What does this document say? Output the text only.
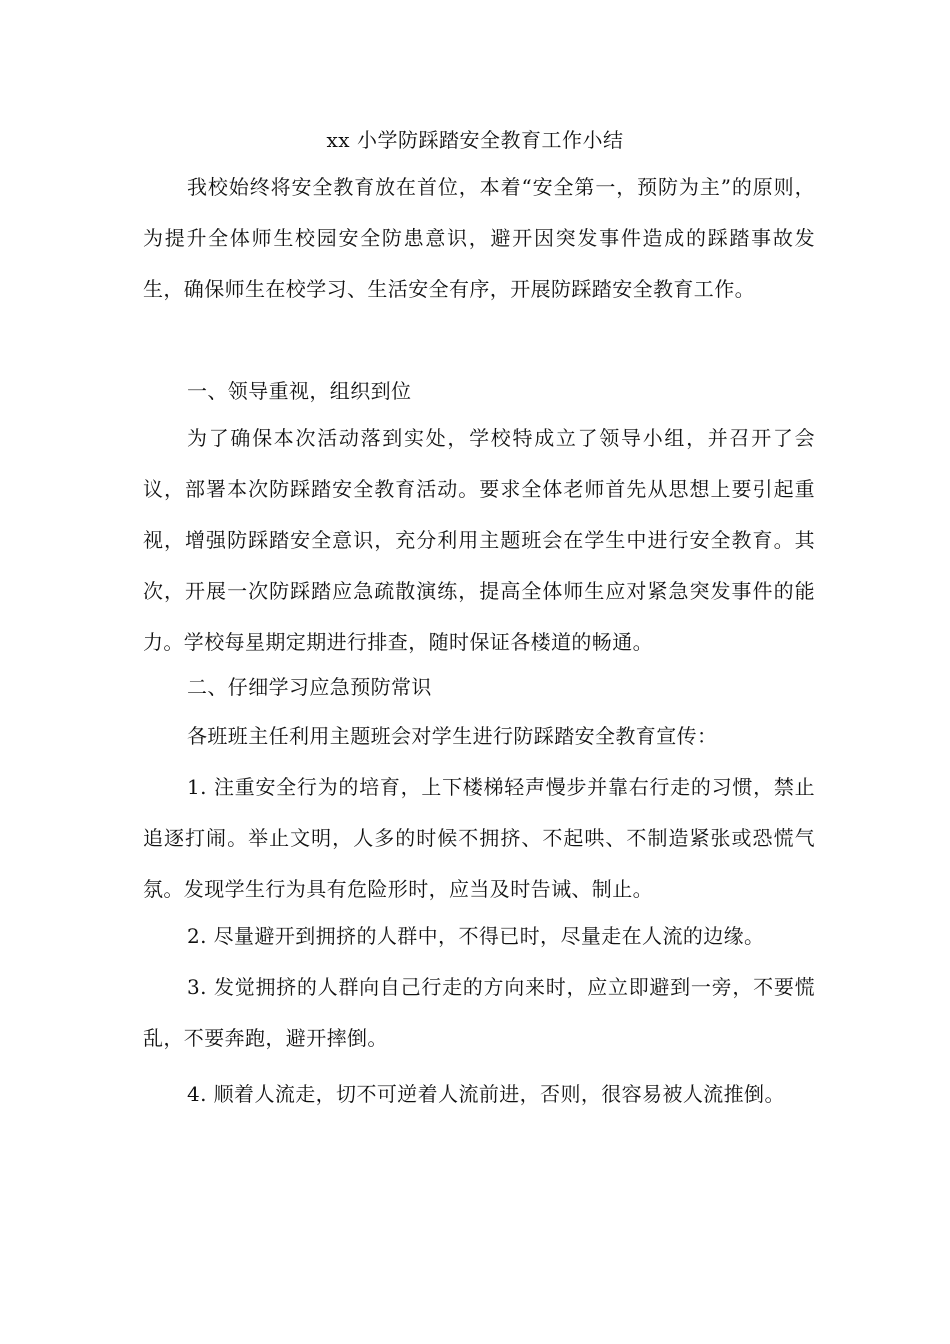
xx 小学防踩踏安全教育工作小结
我校始终将安全教育放在首位，本着“安全第一，预防为主”的原则，为提升全体师生校园安全防患意识，避开因突发事件造成的踩踏事故发生，确保师生在校学习、生活安全有序，开展防踩踏安全教育工作。
一、领导重视，组织到位
为了确保本次活动落到实处，学校特成立了领导小组，并召开了会议，部署本次防踩踏安全教育活动。要求全体老师首先从思想上要引起重视，增强防踩踏安全意识，充分利用主题班会在学生中进行安全教育。其次，开展一次防踩踏应急疏散演练，提高全体师生应对紧急突发事件的能力。学校每星期定期进行排查，随时保证各楼道的畅通。
二、仔细学习应急预防常识
各班班主任利用主题班会对学生进行防踩踏安全教育宣传：
1. 注重安全行为的培育，上下楼梯轻声慢步并靠右行走的习惯，禁止追逐打闹。举止文明，人多的时候不拥挤、不起哄、不制造紧张或恐慌气氛。发现学生行为具有危险形时，应当及时告诫、制止。
2. 尽量避开到拥挤的人群中，不得已时，尽量走在人流的边缘。
3. 发觉拥挤的人群向自己行走的方向来时，应立即避到一旁，不要慌乱，不要奔跑，避开摔倒。
4. 顺着人流走，切不可逆着人流前进，否则，很容易被人流推倒。
